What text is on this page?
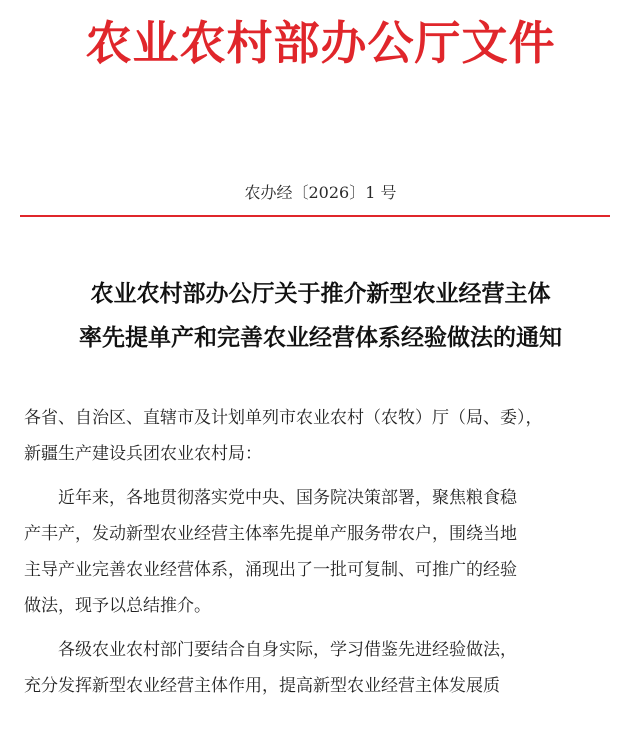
农业农村部办公厅文件
农办经〔2026〕1 号
农业农村部办公厅关于推介新型农业经营主体
率先提单产和完善农业经营体系经验做法的通知

各省、自治区、直辖市及计划单列市农业农村（农牧）厅（局、委），
新疆生产建设兵团农业农村局：

近年来，各地贯彻落实党中央、国务院决策部署，聚焦粮食稳
产丰产，发动新型农业经营主体率先提单产服务带农户，围绕当地
主导产业完善农业经营体系，涌现出了一批可复制、可推广的经验
做法，现予以总结推介。

各级农业农村部门要结合自身实际，学习借鉴先进经验做法，
充分发挥新型农业经营主体作用，提高新型农业经营主体发展质
